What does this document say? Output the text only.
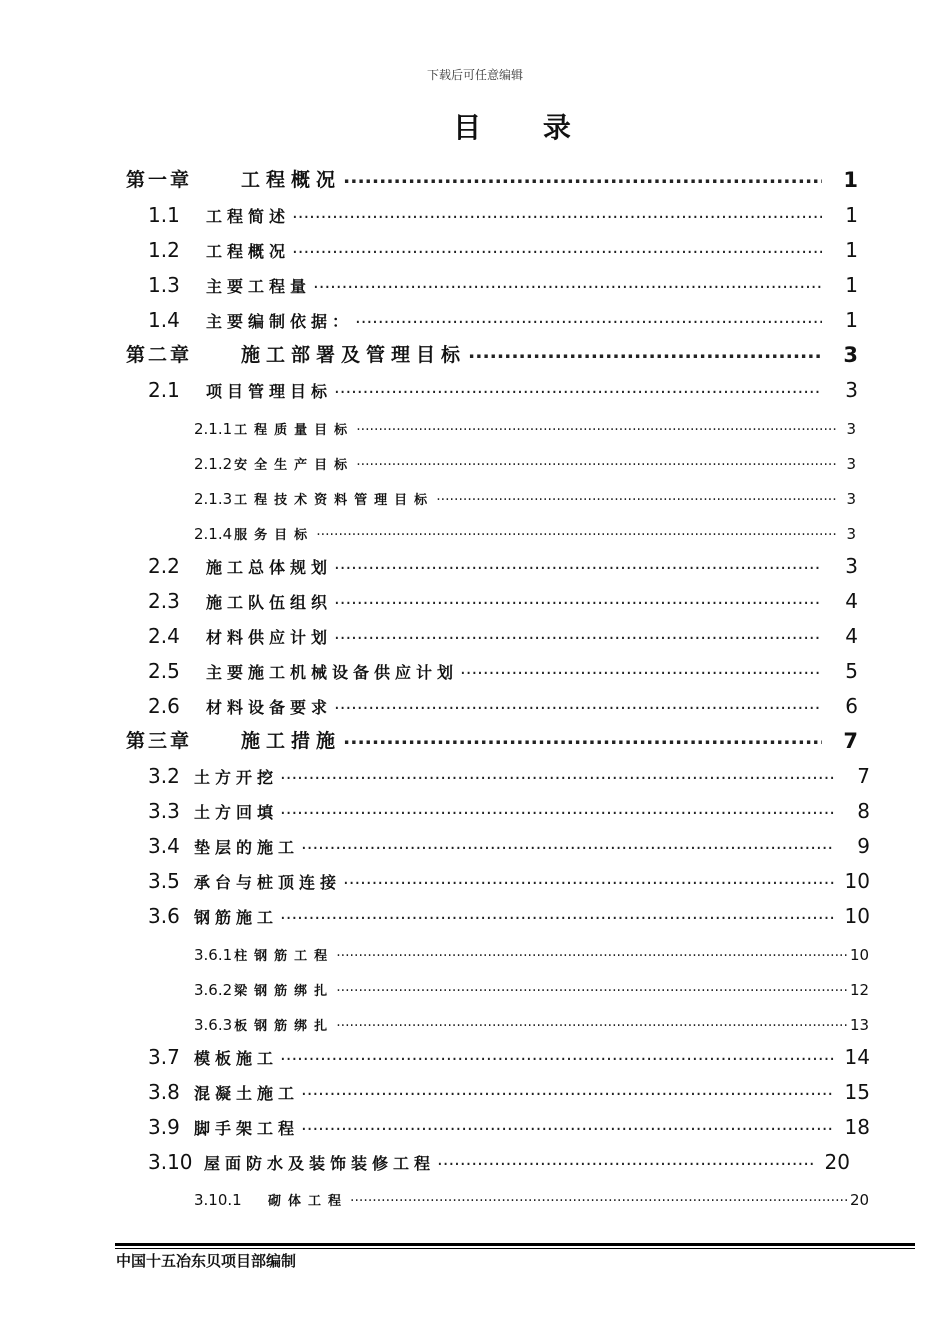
下载后可任意编辑
目 录
第一章	工程概况 .....	1
1.1	工程简述 .....	1
1.2	工程概况 .....	1
1.3	主要工程量 .....	1
1.4	主要编制依据： .....	1
第二章	施工部署及管理目标 .....	3
2.1	项目管理目标 .....	3
2.1.1 工程质量目标 .....	3
2.1.2 安全生产目标 .....	3
2.1.3 工程技术资料管理目标 .....	3
2.1.4 服务目标 .....	3
2.2	施工总体规划 .....	3
2.3	施工队伍组织 .....	4
2.4	材料供应计划 .....	4
2.5	主要施工机械设备供应计划 .....	5
2.6	材料设备要求 .....	6
第三章	施工措施 .....	7
3.2 土方开挖 .....	7
3.3 土方回填 .....	8
3.4 垫层的施工 .....	9
3.5 承台与桩顶连接 .....	10
3.6 钢筋施工 .....	10
3.6.1 柱钢筋工程 .....	10
3.6.2 梁钢筋绑扎 .....	12
3.6.3 板钢筋绑扎 .....	13
3.7 模板施工 .....	14
3.8 混凝土施工 .....	15
3.9 脚手架工程 .....	18
3.10 屋面防水及装饰装修工程 .....	20
3.10.1	砌体工程 .....	20
中国十五冶东贝项目部编制
